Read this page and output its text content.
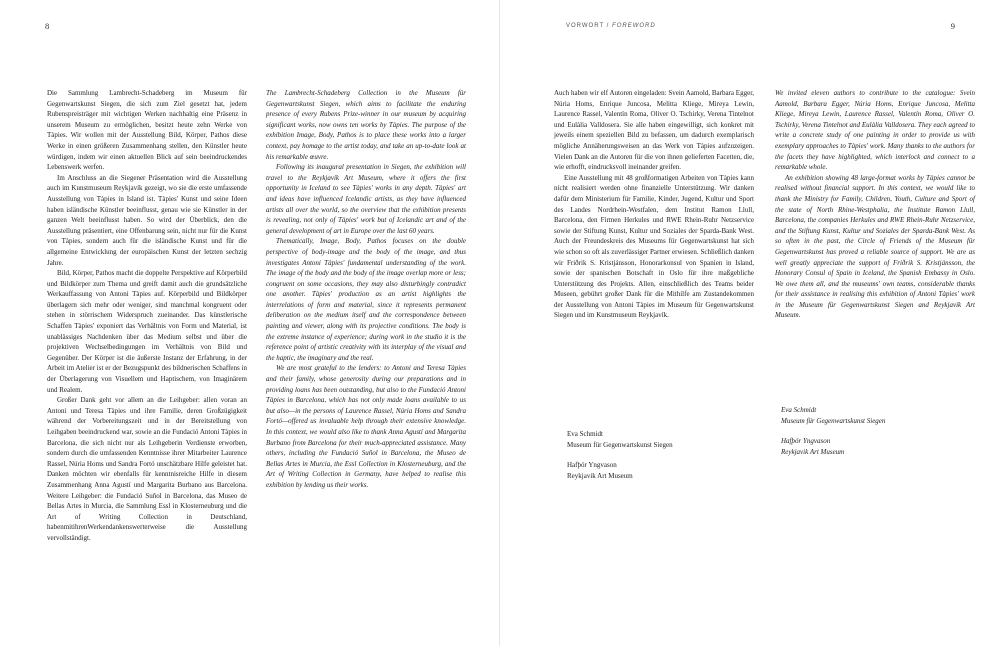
8

Die Sammlung Lambrecht-Schadeberg im Museum für Gegenwartskunst Siegen, die sich zum Ziel gesetzt hat, jedem Rubenspreisträger mit wichtigen Werken nachhaltig eine Präsenz in unserem Museum zu ermöglichen, besitzt heute zehn Werke von Tàpies. Wir wollen mit der Ausstellung Bild, Körper, Pathos diese Werke in einen größeren Zusammenhang stellen, den Künstler heute würdigen, indem wir einen aktuellen Blick auf sein beeindruckendes Lebenswerk werfen.

Im Anschluss an die Siegener Präsentation wird die Ausstellung auch im Kunstmuseum Reykjavík gezeigt, wo sie die erste umfassende Ausstellung von Tàpies in Island ist. Tàpies' Kunst und seine Ideen haben isländische Künstler beeinflusst, genau wie sie Künstler in der ganzen Welt beeinflusst haben. So wird der Überblick, den die Ausstellung präsentiert, eine Offenbarung sein, nicht nur für die Kunst von Tàpies, sondern auch für die isländische Kunst und für die allgemeine Entwicklung der europäischen Kunst der letzten sechzig Jahre.

Bild, Körper, Pathos macht die doppelte Perspektive auf Körperbild und Bildkörper zum Thema und greift damit auch die grundsätzliche Werkauffassung von Antoni Tàpies auf. Körperbild und Bildkörper überlagern sich mehr oder weniger, sind manchmal kongruent oder stehen in störrischem Widerspruch zueinander. Das künstlerische Schaffen Tàpies' exponiert das Verhältnis von Form und Material, ist unablässiges Nachdenken über das Medium selbst und über die projektiven Wechselbedingungen im Verhältnis von Bild und Gegenüber. Der Körper ist die äußerste Instanz der Erfahrung, in der Arbeit im Atelier ist er der Bezugspunkt des bildnerischen Schaffens in der Überlagerung von Visuellem und Haptischem, von Imaginärem und Realem.

Großer Dank geht vor allem an die Leihgeber: allen voran an Antoni und Teresa Tàpies und ihre Familie, deren Großzügigkeit während der Vorbereitungszeit und in der Bereitstellung von Leihgaben beeindruckend war, sowie an die Fundació Antoni Tàpies in Barcelona, die sich nicht nur als Leihgeberin Verdienste erworben, sondern durch die umfassenden Kenntnisse ihrer Mitarbeiter Laurence Rassel, Núria Homs und Sandra Fortó unschätzbare Hilfe geleistet hat. Danken möchten wir ebenfalls für kenntnisreiche Hilfe in diesem Zusammenhang Anna Agustí und Margarita Burbano aus Barcelona. Weitere Leihgeber: die Fundació Suñol in Barcelona, das Museo de Bellas Artes in Murcia, die Sammlung Essl in Klosterneuburg und die Art of Writing Collection in Deutschland, habenmitihrenWerkendankenswerterweise die Ausstellung vervollständigt.

The Lambrecht-Schadeberg Collection in the Museum für Gegenwartskunst Siegen, which aims to facilitate the enduring presence of every Rubens Prize-winner in our museum by acquiring significant works, now owns ten works by Tàpies. The purpose of the exhibition Image, Body, Pathos is to place these works into a larger context, pay homage to the artist today, and take an up-to-date look at his remarkable œuvre.

Following its inaugural presentation in Siegen, the exhibition will travel to the Reykjavík Art Museum, where it offers the first opportunity in Iceland to see Tàpies' works in any depth. Tàpies' art and ideas have influenced Icelandic artists, as they have influenced artists all over the world, so the overview that the exhibition presents is revealing, not only of Tàpies' work but of Icelandic art and of the general development of art in Europe over the last 60 years.

Thematically, Image, Body, Pathos focuses on the double perspective of body-image and the body of the image, and thus investigates Antoni Tàpies' fundamental understanding of the work. The image of the body and the body of the image overlap more or less; congruent on some occasions, they may also disturbingly contradict one another. Tàpies' production as an artist highlights the interrelations of form and material, since it represents permanent deliberation on the medium itself and the correspondence between painting and viewer, along with its projective conditions. The body is the extreme instance of experience; during work in the studio it is the reference point of artistic creativity with its interplay of the visual and the haptic, the imaginary and the real.

We are most grateful to the lenders: to Antoni and Teresa Tàpies and their family, whose generosity during our preparations and in providing loans has been outstanding, but also to the Fundació Antoni Tàpies in Barcelona, which has not only made loans available to us but also—in the persons of Laurence Rassel, Núria Homs and Sandra Fortó—offered us invaluable help through their extensive knowledge. In this context, we would also like to thank Anna Agustí and Margarita Burbano from Barcelona for their much-appreciated assistance. Many others, including the Fundació Suñol in Barcelona, the Museo de Bellas Artes in Murcia, the Essl Collection in Klosterneuburg, and the Art of Writing Collection in Germany, have helped to realise this exhibition by lending us their works.

VORWORT / FOREWORD	9

Auch haben wir elf Autoren eingeladen: Svein Aamold, Barbara Egger, Núria Homs, Enrique Juncosa, Melitta Kliege, Mireya Lewin, Laurence Rassel, Valentín Roma, Oliver O. Tschirky, Verena Tintelnot und Eulàlia Valldosera. Sie alle haben eingewilligt, sich konkret mit jeweils einem speziellen Bild zu befassen, um dadurch exemplarisch mögliche Annäherungsweisen an das Werk von Tàpies aufzuzeigen. Vielen Dank an die Autoren für die von ihnen gelieferten Facetten, die, wie erhofft, eindrucksvoll ineinander greifen.

Eine Ausstellung mit 48 großformatigen Arbeiten von Tàpies kann nicht realisiert werden ohne finanzielle Unterstützung. Wir danken dafür dem Ministerium für Familie, Kinder, Jugend, Kultur und Sport des Landes Nordrhein-Westfalen, dem Institut Ramon Llull, Barcelona, den Firmen Herkules und RWE Rhein-Ruhr Netzservice sowie der Stiftung Kunst, Kultur und Soziales der Sparda-Bank West. Auch der Freundeskreis des Museums für Gegenwartskunst hat sich wie schon so oft als zuverlässiger Partner erwiesen. Schließlich danken wir Friðrik S. Kristjánsson, Honorarkonsul von Spanien in Island, sowie der spanischen Botschaft in Oslo für ihre maßgebliche Unterstützung des Projekts. Allen, einschließlich des Teams beider Museen, gebührt großer Dank für die Mithilfe am Zustandekommen der Ausstellung von Antoni Tàpies im Museum für Gegenwartskunst Siegen und im Kunstmuseum Reykjavík.

We invited eleven authors to contribute to the catalogue: Svein Aamold, Barbara Egger, Núria Homs, Enrique Juncosa, Melitta Kliege, Mireya Lewin, Laurence Rassel, Valentín Roma, Oliver O. Tschirky, Verena Tintelnot and Eulàlia Valldosera. They each agreed to write a concrete study of one painting in order to provide us with exemplary approaches to Tàpies' work. Many thanks to the authors for the facets they have highlighted, which interlock and connect to a remarkable whole.

An exhibition showing 48 large-format works by Tàpies cannot be realised without financial support. In this context, we would like to thank the Ministry for Family, Children, Youth, Culture and Sport of the state of North Rhine-Westphalia, the Institute Ramon Llull, Barcelona, the companies Herkules and RWE Rhein-Ruhr Netzservice, and the Stiftung Kunst, Kultur und Soziales der Sparda-Bank West. As so often in the past, the Circle of Friends of the Museum für Gegenwartskunst has proved a reliable source of support. We are as well greatly appreciate the support of Friðrik S. Kristjánsson, the Honorary Consul of Spain in Iceland, the Spanish Embassy in Oslo. We owe them all, and the museums' own teams, considerable thanks for their assistance in realising this exhibition of Antoni Tàpies' work in the Museum für Gegenwartskunst Siegen and Reykjavík Art Museum.

Eva Schmidt
Museum für Gegenwartskunst Siegen
Hafþór Yngvason
Reykjavik Art Museum
Eva Schmidt
Museum für Gegenwartskunst Siegen
Hafþór Yngvason
Reykjavik Art Museum
